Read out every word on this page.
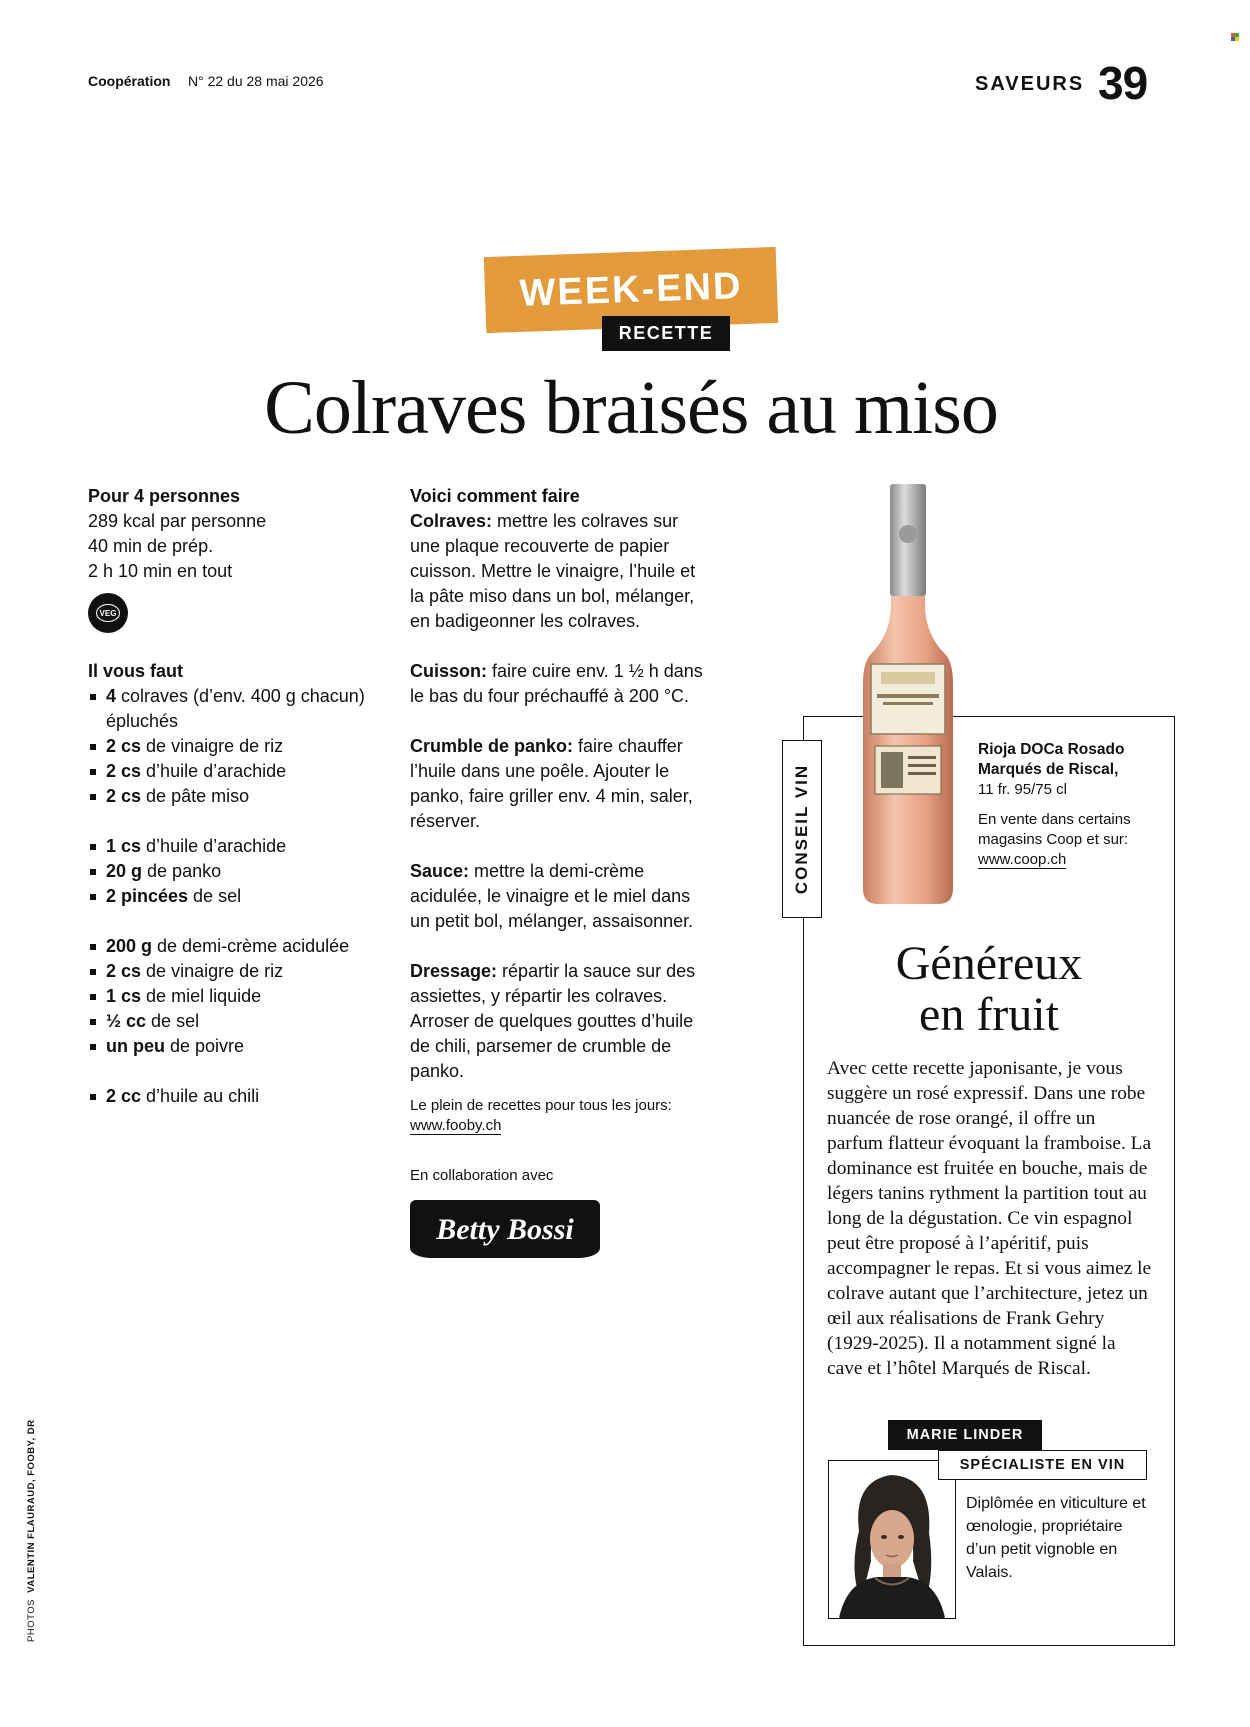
Coopération N° 22 du 28 mai 2026	SAVEURS 39
WEEK-END
RECETTE
Colraves braisés au miso
Pour 4 personnes
289 kcal par personne
40 min de prép.
2 h 10 min en tout
VEG
Il vous faut
4 colraves (d’env. 400 g chacun) épluchés
2 cs de vinaigre de riz
2 cs d’huile d’arachide
2 cs de pâte miso
1 cs d’huile d’arachide
20 g de panko
2 pincées de sel
200 g de demi-crème acidulée
2 cs de vinaigre de riz
1 cs de miel liquide
½ cc de sel
un peu de poivre
2 cc d’huile au chili
Voici comment faire

Colraves: mettre les colraves sur une plaque recouverte de papier cuisson. Mettre le vinaigre, l’huile et la pâte miso dans un bol, mélanger, en badigeonner les colraves.

Cuisson: faire cuire env. 1 ½ h dans le bas du four préchauffé à 200 °C.

Crumble de panko: faire chauffer l’huile dans une poêle. Ajouter le panko, faire griller env. 4 min, saler, réserver.

Sauce: mettre la demi-crème acidulée, le vinaigre et le miel dans un petit bol, mélanger, assaisonner.

Dressage: répartir la sauce sur des assiettes, y répartir les colraves. Arroser de quelques gouttes d’huile de chili, parsemer de crumble de panko.

Le plein de recettes pour tous les jours:
www.fooby.ch
En collaboration avec
Betty Bossi
CONSEIL VIN
Rioja DOCa Rosado
Marqués de Riscal,
11 fr. 95/75 cl
En vente dans certains magasins Coop et sur:
www.coop.ch
Généreux
en fruit
Avec cette recette japonisante, je vous suggère un rosé expressif. Dans une robe nuancée de rose orangé, il offre un parfum flatteur évoquant la framboise. La dominance est fruitée en bouche, mais de légers tanins rythment la partition tout au long de la dégustation. Ce vin espagnol peut être proposé à l’apéritif, puis accompagner le repas. Et si vous aimez le colrave autant que l’architecture, jetez un œil aux réalisations de Frank Gehry (1929-2025). Il a notamment signé la cave et l’hôtel Marqués de Riscal.
MARIE LINDER
SPÉCIALISTE EN VIN
Diplômée en viticulture et œnologie, propriétaire d’un petit vignoble en Valais.
PHOTOS  VALENTIN FLAURAUD, FOOBY, DR
